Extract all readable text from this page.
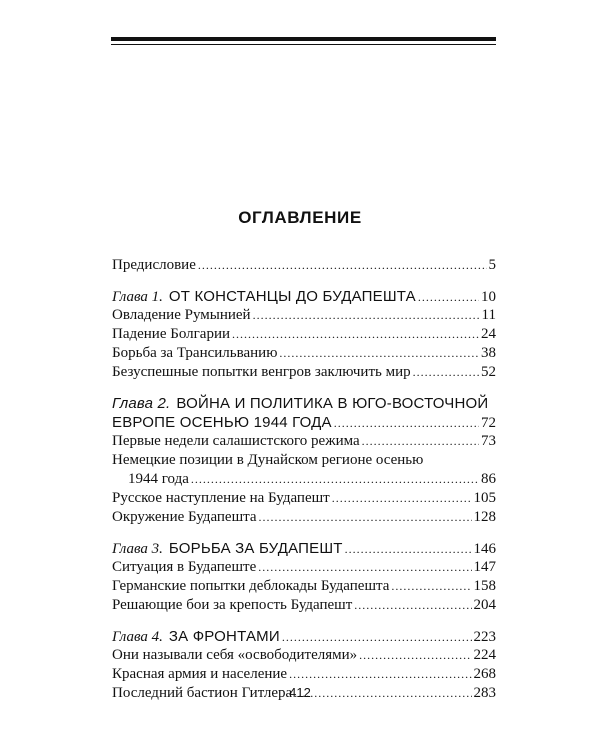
ОГЛАВЛЕНИЕ
Предисловие .....	5
Глава 1. ОТ КОНСТАНЦЫ ДО БУДАПЕШТА .....	10
Овладение Румынией .....	11
Падение Болгарии .....	24
Борьба за Трансильванию .....	38
Безуспешные попытки венгров заключить мир .....	52
Глава 2. ВОЙНА И ПОЛИТИКА В ЮГО-ВОСТОЧНОЙ
ЕВРОПЕ ОСЕНЬЮ 1944 ГОДА .....	72
Первые недели салашистского режима .....	73
Немецкие позиции в Дунайском регионе осенью
1944 года .....	86
Русское наступление на Будапешт .....	105
Окружение Будапешта .....	128
Глава 3. БОРЬБА ЗА БУДАПЕШТ .....	146
Ситуация в Будапеште .....	147
Германские попытки деблокады Будапешта .....	158
Решающие бои за крепость Будапешт .....	204
Глава 4. ЗА ФРОНТАМИ .....	223
Они называли себя «освободителями» .....	224
Красная армия и население .....	268
Последний бастион Гитлера .....	283
412
